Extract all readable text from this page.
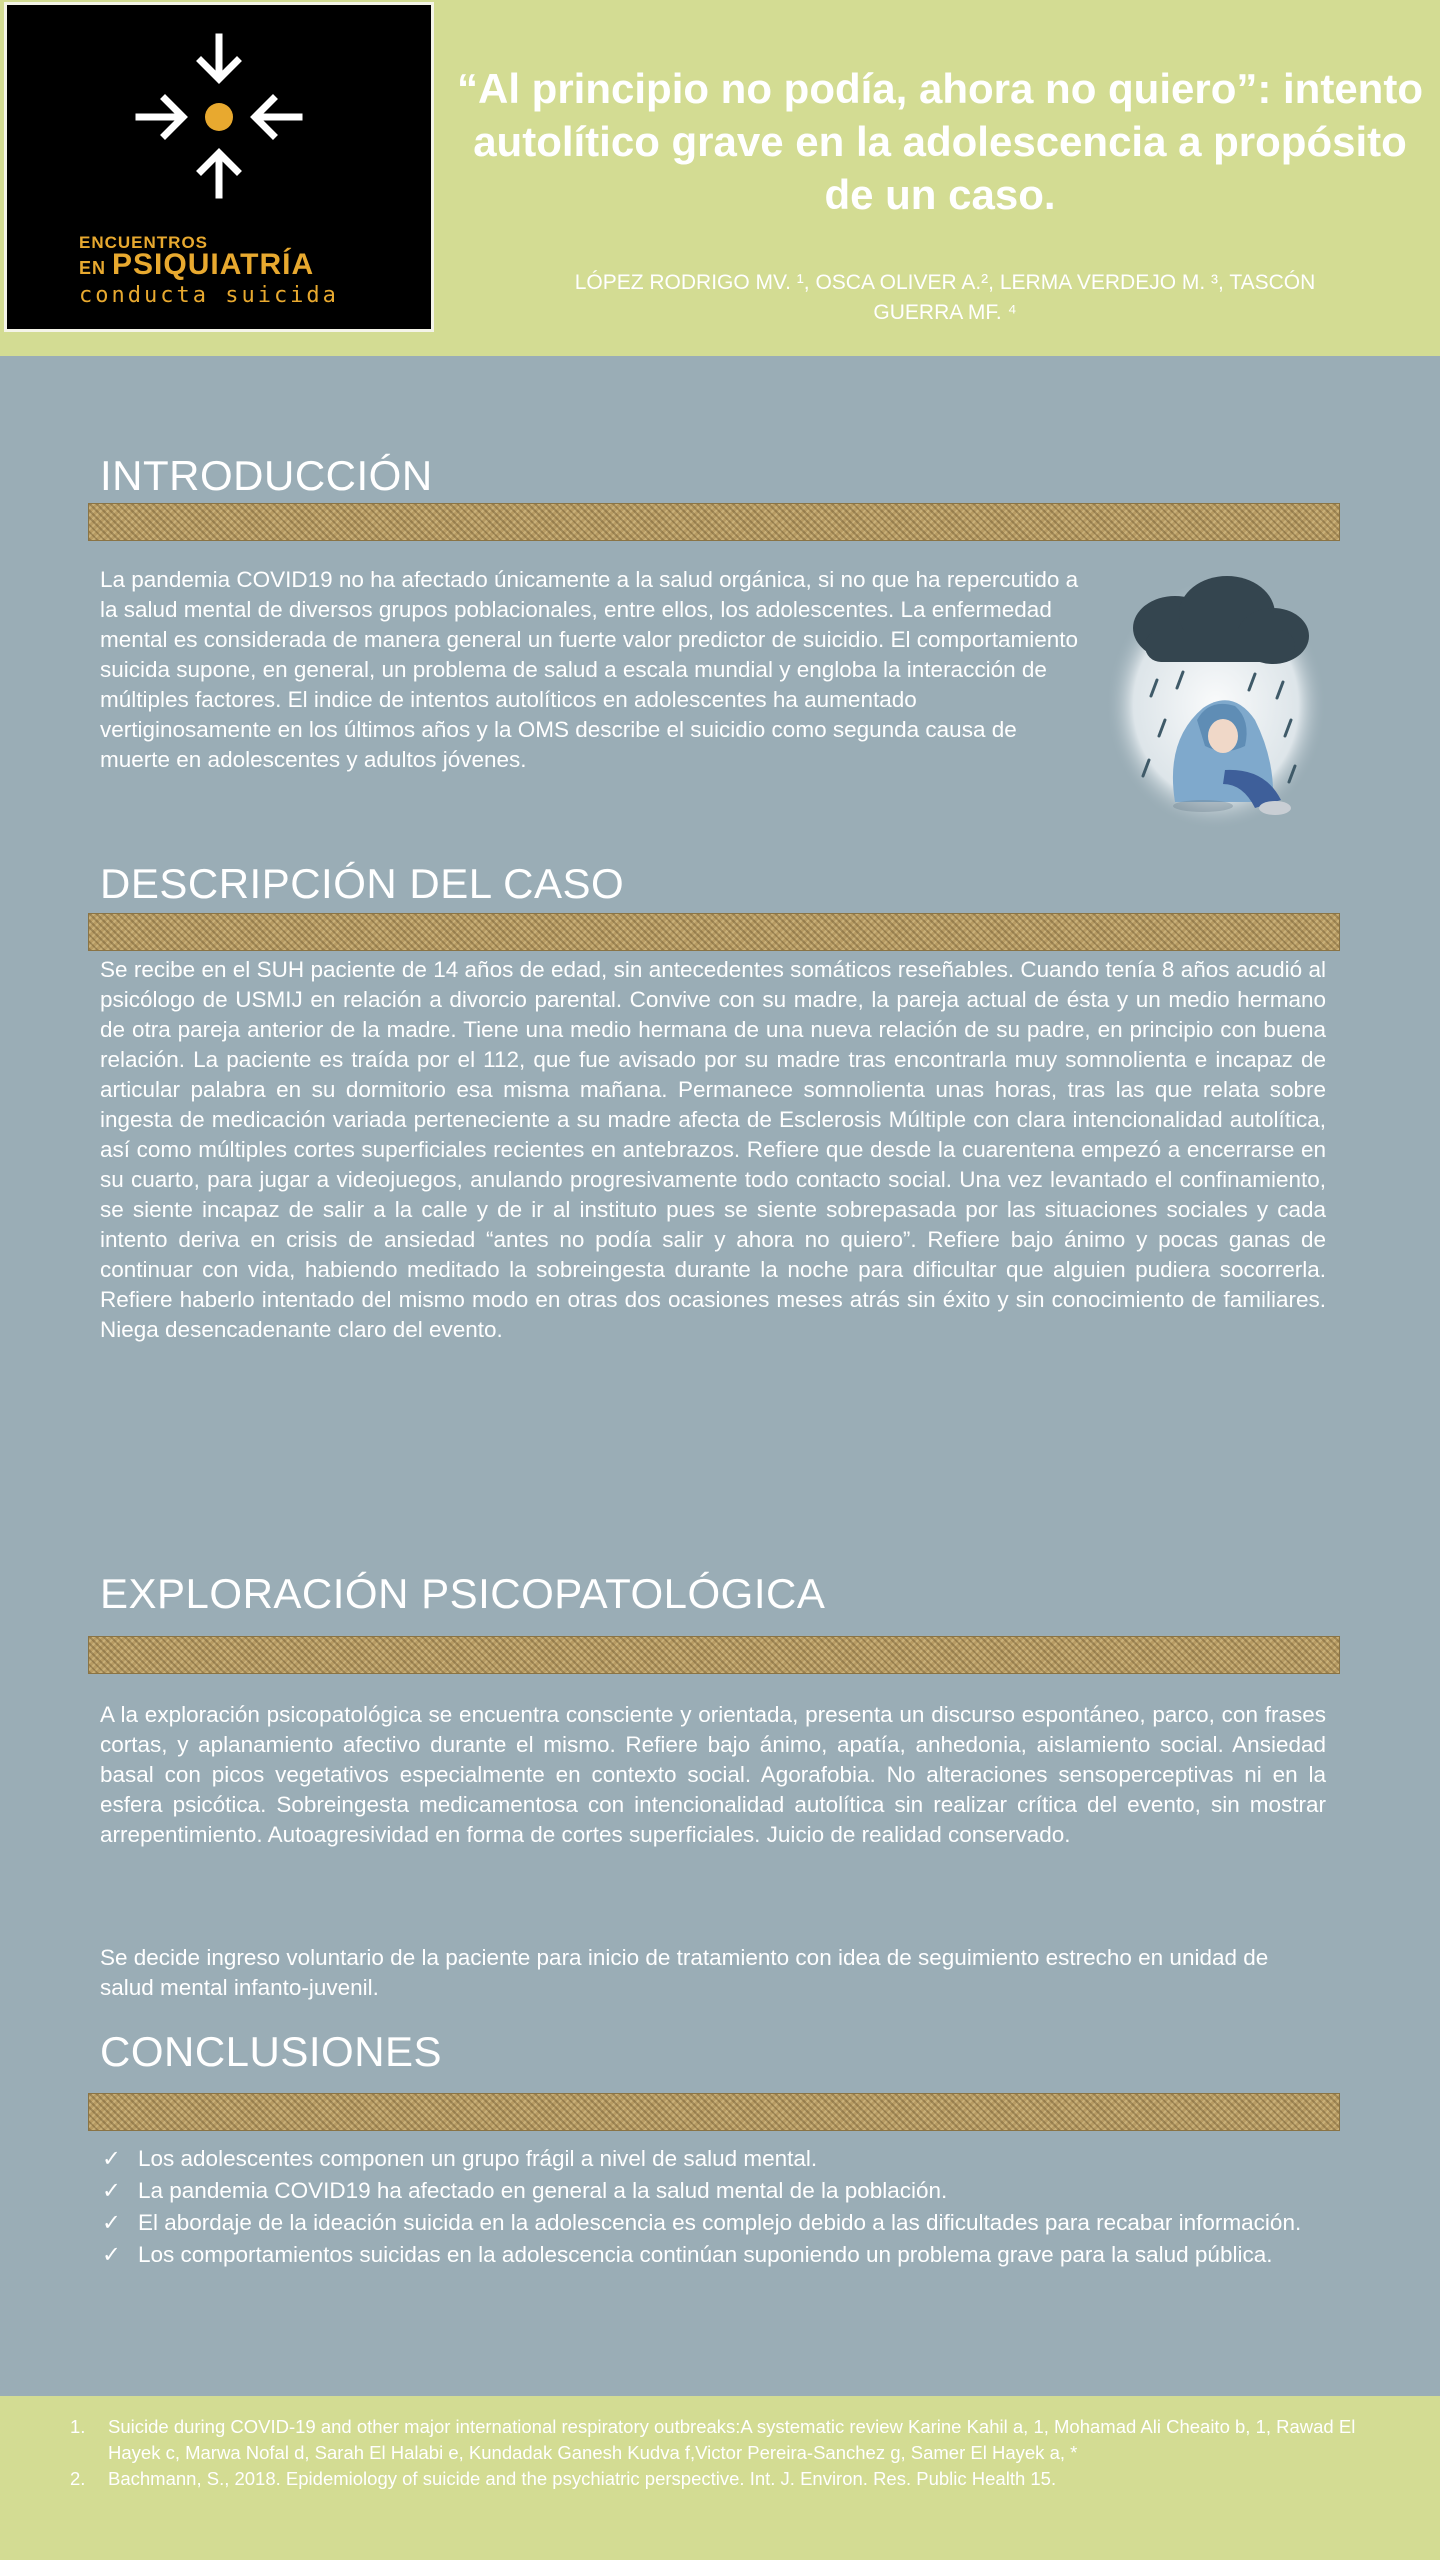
ENCUENTROS
EN PSIQUIATRÍA
conducta suicida
“Al principio no podía, ahora no quiero”: intento autolítico grave en la adolescencia a propósito de un caso.
LÓPEZ RODRIGO MV. ¹, OSCA OLIVER A.², LERMA VERDEJO M. ³, TASCÓN GUERRA MF. ⁴
INTRODUCCIÓN
La pandemia COVID19 no ha afectado únicamente a la salud orgánica, si no que ha repercutido a la salud mental de diversos grupos poblacionales, entre ellos, los adolescentes. La enfermedad mental es considerada de manera general un fuerte valor predictor de suicidio. El comportamiento suicida supone, en general, un problema de salud a escala mundial y engloba la interacción de múltiples factores. El indice de intentos autolíticos en adolescentes ha aumentado vertiginosamente en los últimos años y la OMS describe el suicidio como segunda causa de muerte en adolescentes y adultos jóvenes.
DESCRIPCIÓN DEL CASO
Se recibe en el SUH paciente de 14 años de edad, sin antecedentes somáticos reseñables. Cuando tenía 8 años acudió al psicólogo de USMIJ en relación a divorcio parental. Convive con su madre, la pareja actual de ésta y un medio hermano de otra pareja anterior de la madre. Tiene una medio hermana de una nueva relación de su padre, en principio con buena relación. La paciente es traída por el 112, que fue avisado por su madre tras encontrarla muy somnolienta e incapaz de articular palabra en su dormitorio esa misma mañana. Permanece somnolienta unas horas, tras las que relata sobre ingesta de medicación variada perteneciente a su madre afecta de Esclerosis Múltiple con clara intencionalidad autolítica, así como múltiples cortes superficiales recientes en antebrazos. Refiere que desde la cuarentena empezó a encerrarse en su cuarto, para jugar a videojuegos, anulando progresivamente todo contacto social. Una vez levantado el confinamiento, se siente incapaz de salir a la calle y de ir al instituto pues se siente sobrepasada por las situaciones sociales y cada intento deriva en crisis de ansiedad “antes no podía salir y ahora no quiero”. Refiere bajo ánimo y pocas ganas de continuar con vida, habiendo meditado la sobreingesta durante la noche para dificultar que alguien pudiera socorrerla. Refiere haberlo intentado del mismo modo en otras dos ocasiones meses atrás sin éxito y sin conocimiento de familiares. Niega desencadenante claro del evento.
EXPLORACIÓN PSICOPATOLÓGICA
A la exploración psicopatológica se encuentra consciente y orientada, presenta un discurso espontáneo, parco, con frases cortas, y aplanamiento afectivo durante el mismo. Refiere bajo ánimo, apatía, anhedonia, aislamiento social. Ansiedad basal con picos vegetativos especialmente en contexto social. Agorafobia. No alteraciones sensoperceptivas ni en la esfera psicótica. Sobreingesta medicamentosa con intencionalidad autolítica sin realizar crítica del evento, sin mostrar arrepentimiento. Autoagresividad en forma de cortes superficiales. Juicio de realidad conservado.
Se decide ingreso voluntario de la paciente para inicio de tratamiento con idea de seguimiento estrecho en unidad de salud mental infanto-juvenil.
CONCLUSIONES
✓ Los adolescentes componen un grupo frágil a nivel de salud mental.
✓ La pandemia COVID19 ha afectado en general a la salud mental de la población.
✓ El abordaje de la ideación suicida en la adolescencia es complejo debido a las dificultades para recabar información.
✓ Los comportamientos suicidas en la adolescencia continúan suponiendo un problema grave para la salud pública.
1. Suicide during COVID-19 and other major international respiratory outbreaks:A systematic review Karine Kahil a, 1, Mohamad Ali Cheaito b, 1, Rawad El Hayek c, Marwa Nofal d, Sarah El Halabi e, Kundadak Ganesh Kudva f,Victor Pereira-Sanchez g, Samer El Hayek a, *
2. Bachmann, S., 2018. Epidemiology of suicide and the psychiatric perspective. Int. J. Environ. Res. Public Health 15.
